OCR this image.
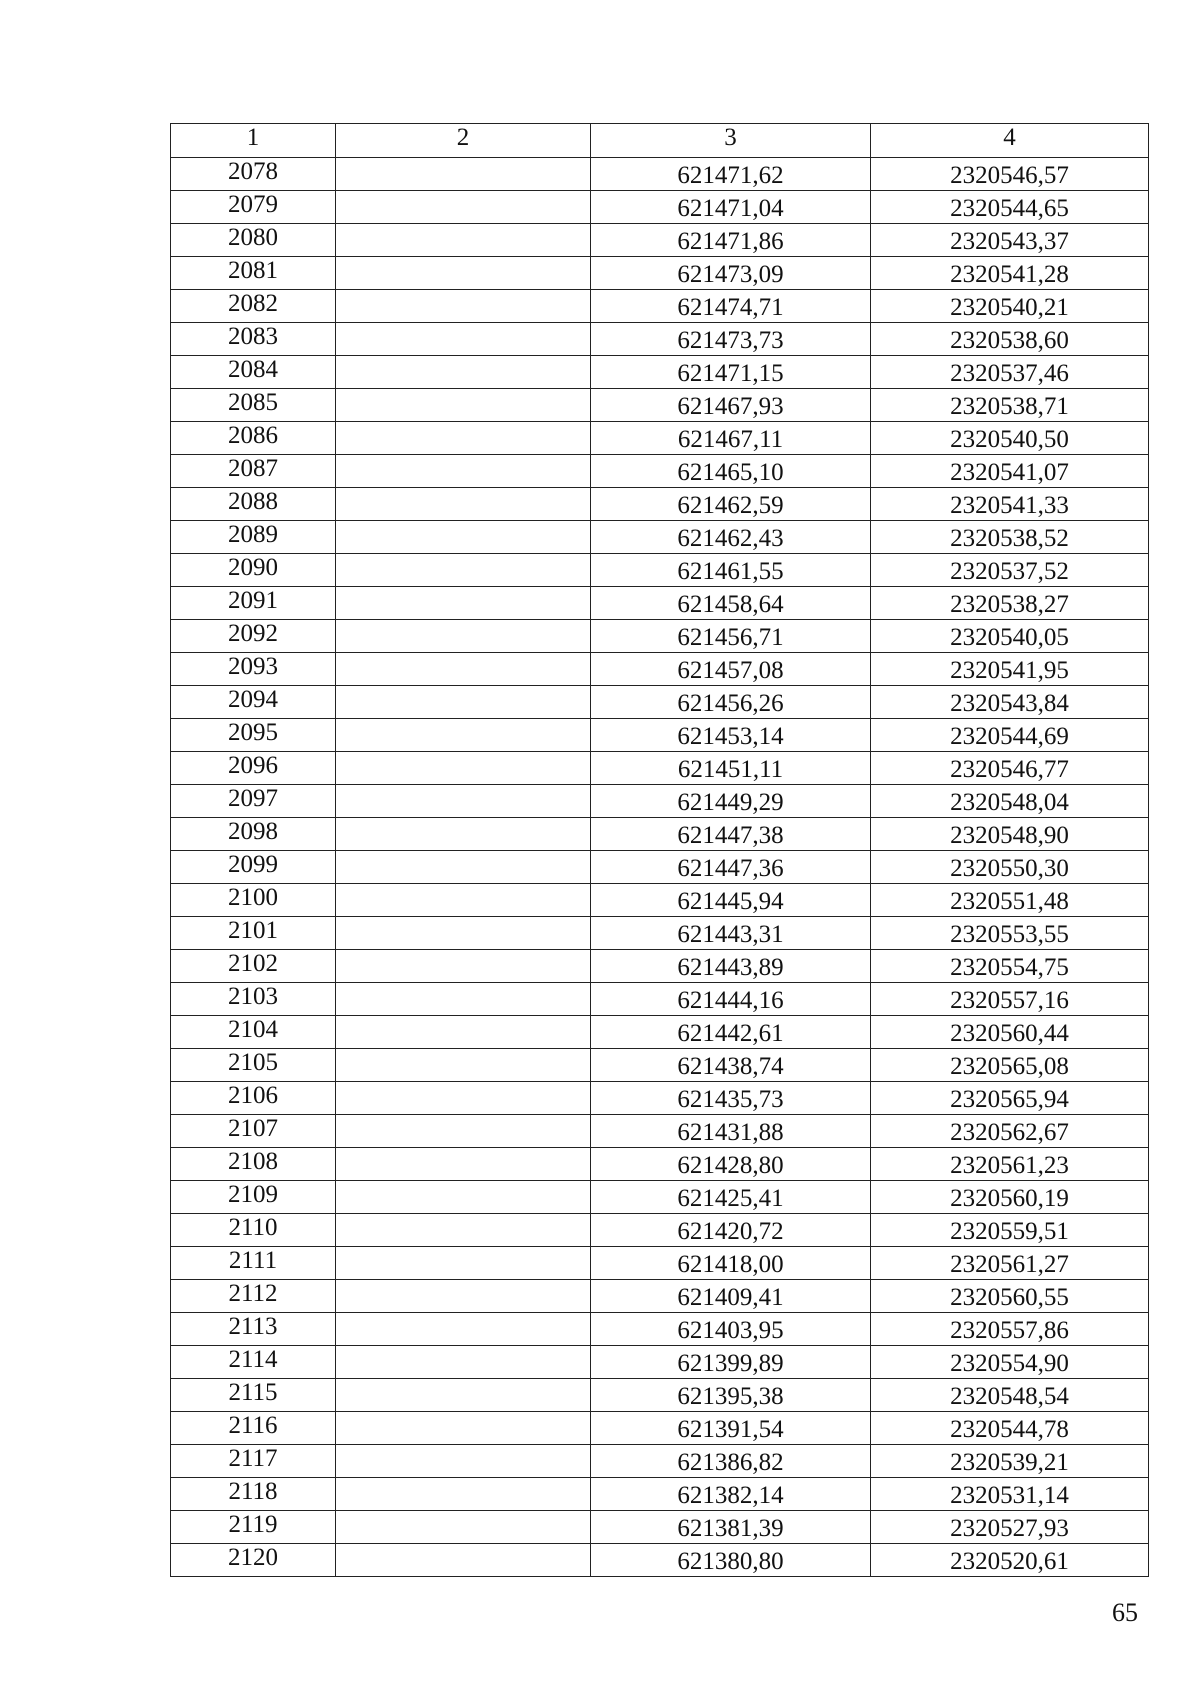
1	2	3	4
2078		621471,62	2320546,57
2079		621471,04	2320544,65
2080		621471,86	2320543,37
2081		621473,09	2320541,28
2082		621474,71	2320540,21
2083		621473,73	2320538,60
2084		621471,15	2320537,46
2085		621467,93	2320538,71
2086		621467,11	2320540,50
2087		621465,10	2320541,07
2088		621462,59	2320541,33
2089		621462,43	2320538,52
2090		621461,55	2320537,52
2091		621458,64	2320538,27
2092		621456,71	2320540,05
2093		621457,08	2320541,95
2094		621456,26	2320543,84
2095		621453,14	2320544,69
2096		621451,11	2320546,77
2097		621449,29	2320548,04
2098		621447,38	2320548,90
2099		621447,36	2320550,30
2100		621445,94	2320551,48
2101		621443,31	2320553,55
2102		621443,89	2320554,75
2103		621444,16	2320557,16
2104		621442,61	2320560,44
2105		621438,74	2320565,08
2106		621435,73	2320565,94
2107		621431,88	2320562,67
2108		621428,80	2320561,23
2109		621425,41	2320560,19
2110		621420,72	2320559,51
2111		621418,00	2320561,27
2112		621409,41	2320560,55
2113		621403,95	2320557,86
2114		621399,89	2320554,90
2115		621395,38	2320548,54
2116		621391,54	2320544,78
2117		621386,82	2320539,21
2118		621382,14	2320531,14
2119		621381,39	2320527,93
2120		621380,80	2320520,61
65
